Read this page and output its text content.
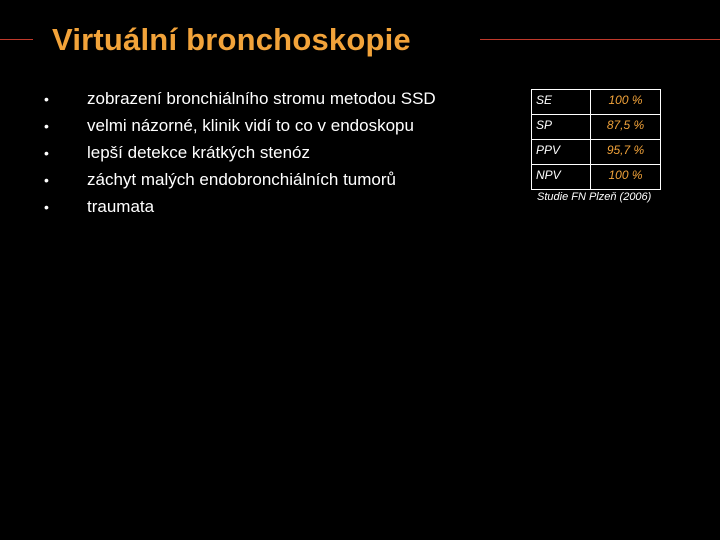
Virtuální bronchoskopie
• zobrazení bronchiálního stromu metodou SSD
• velmi názorné, klinik vidí to co v endoskopu
• lepší detekce krátkých stenóz
• záchyt malých endobronchiálních tumorů
• traumata
SE	100 %
SP	87,5 %
PPV	95,7 %
NPV	100 %
Studie FN Plzeň (2006)
